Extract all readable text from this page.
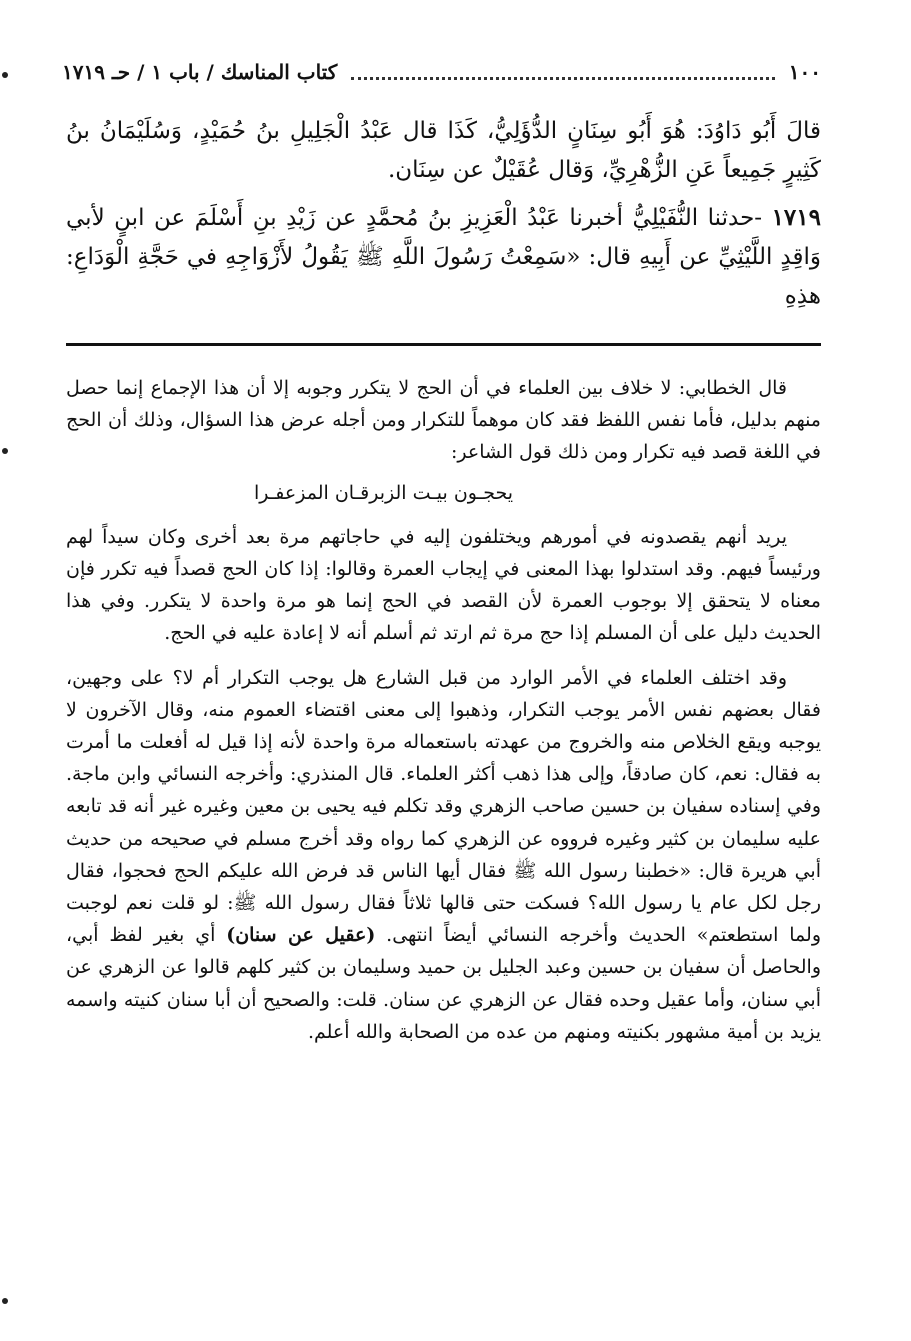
١٠٠
كتاب المناسك / باب ١ / حـ ١٧١٩

قالَ أَبُو دَاوُدَ: هُوَ أَبُو سِنَانٍ الدُّؤَلِيُّ، كَذَا قال عَبْدُ الْجَلِيلِ بنُ حُمَيْدٍ، وَسُلَيْمَانُ بنُ كَثِيرٍ جَمِيعاً عَنِ الزُّهْرِيِّ، وَقال عُقَيْلٌ عن سِنَان.

١٧١٩ -حدثنا النُّفَيْلِيُّ أخبرنا عَبْدُ الْعَزِيزِ بنُ مُحمَّدٍ عن زَيْدِ بنِ أَسْلَمَ عن ابنٍ لأبي وَاقِدٍ اللَّيْثِيِّ عن أَبِيهِ قال: «سَمِعْتُ رَسُولَ اللَّهِ ﷺ يَقُولُ لأَزْوَاجِهِ في حَجَّةِ الْوَدَاعِ: هذِهِ

قال الخطابي: لا خلاف بين العلماء في أن الحج لا يتكرر وجوبه إلا أن هذا الإجماع إنما حصل منهم بدليل، فأما نفس اللفظ فقد كان موهماً للتكرار ومن أجله عرض هذا السؤال، وذلك أن الحج في اللغة قصد فيه تكرار ومن ذلك قول الشاعر:

يحجـون بيـت الزبرقـان المزعفـرا

يريد أنهم يقصدونه في أمورهم ويختلفون إليه في حاجاتهم مرة بعد أخرى وكان سيداً لهم ورئيساً فيهم. وقد استدلوا بهذا المعنى في إيجاب العمرة وقالوا: إذا كان الحج قصداً فيه تكرر فإن معناه لا يتحقق إلا بوجوب العمرة لأن القصد في الحج إنما هو مرة واحدة لا يتكرر. وفي هذا الحديث دليل على أن المسلم إذا حج مرة ثم ارتد ثم أسلم أنه لا إعادة عليه في الحج.

وقد اختلف العلماء في الأمر الوارد من قبل الشارع هل يوجب التكرار أم لا؟ على وجهين، فقال بعضهم نفس الأمر يوجب التكرار، وذهبوا إلى معنى اقتضاء العموم منه، وقال الآخرون لا يوجبه ويقع الخلاص منه والخروج من عهدته باستعماله مرة واحدة لأنه إذا قيل له أفعلت ما أمرت به فقال: نعم، كان صادقاً، وإلى هذا ذهب أكثر العلماء. قال المنذري: وأخرجه النسائي وابن ماجة. وفي إسناده سفيان بن حسين صاحب الزهري وقد تكلم فيه يحيى بن معين وغيره غير أنه قد تابعه عليه سليمان بن كثير وغيره فرووه عن الزهري كما رواه وقد أخرج مسلم في صحيحه من حديث أبي هريرة قال: «خطبنا رسول الله ﷺ فقال أيها الناس قد فرض الله عليكم الحج فحجوا، فقال رجل لكل عام يا رسول الله؟ فسكت حتى قالها ثلاثاً فقال رسول الله ﷺ: لو قلت نعم لوجبت ولما استطعتم» الحديث وأخرجه النسائي أيضاً انتهى. (عقيل عن سنان) أي بغير لفظ أبي، والحاصل أن سفيان بن حسين وعبد الجليل بن حميد وسليمان بن كثير كلهم قالوا عن الزهري عن أبي سنان، وأما عقيل وحده فقال عن الزهري عن سنان. قلت: والصحيح أن أبا سنان كنيته واسمه يزيد بن أمية مشهور بكنيته ومنهم من عده من الصحابة والله أعلم.
